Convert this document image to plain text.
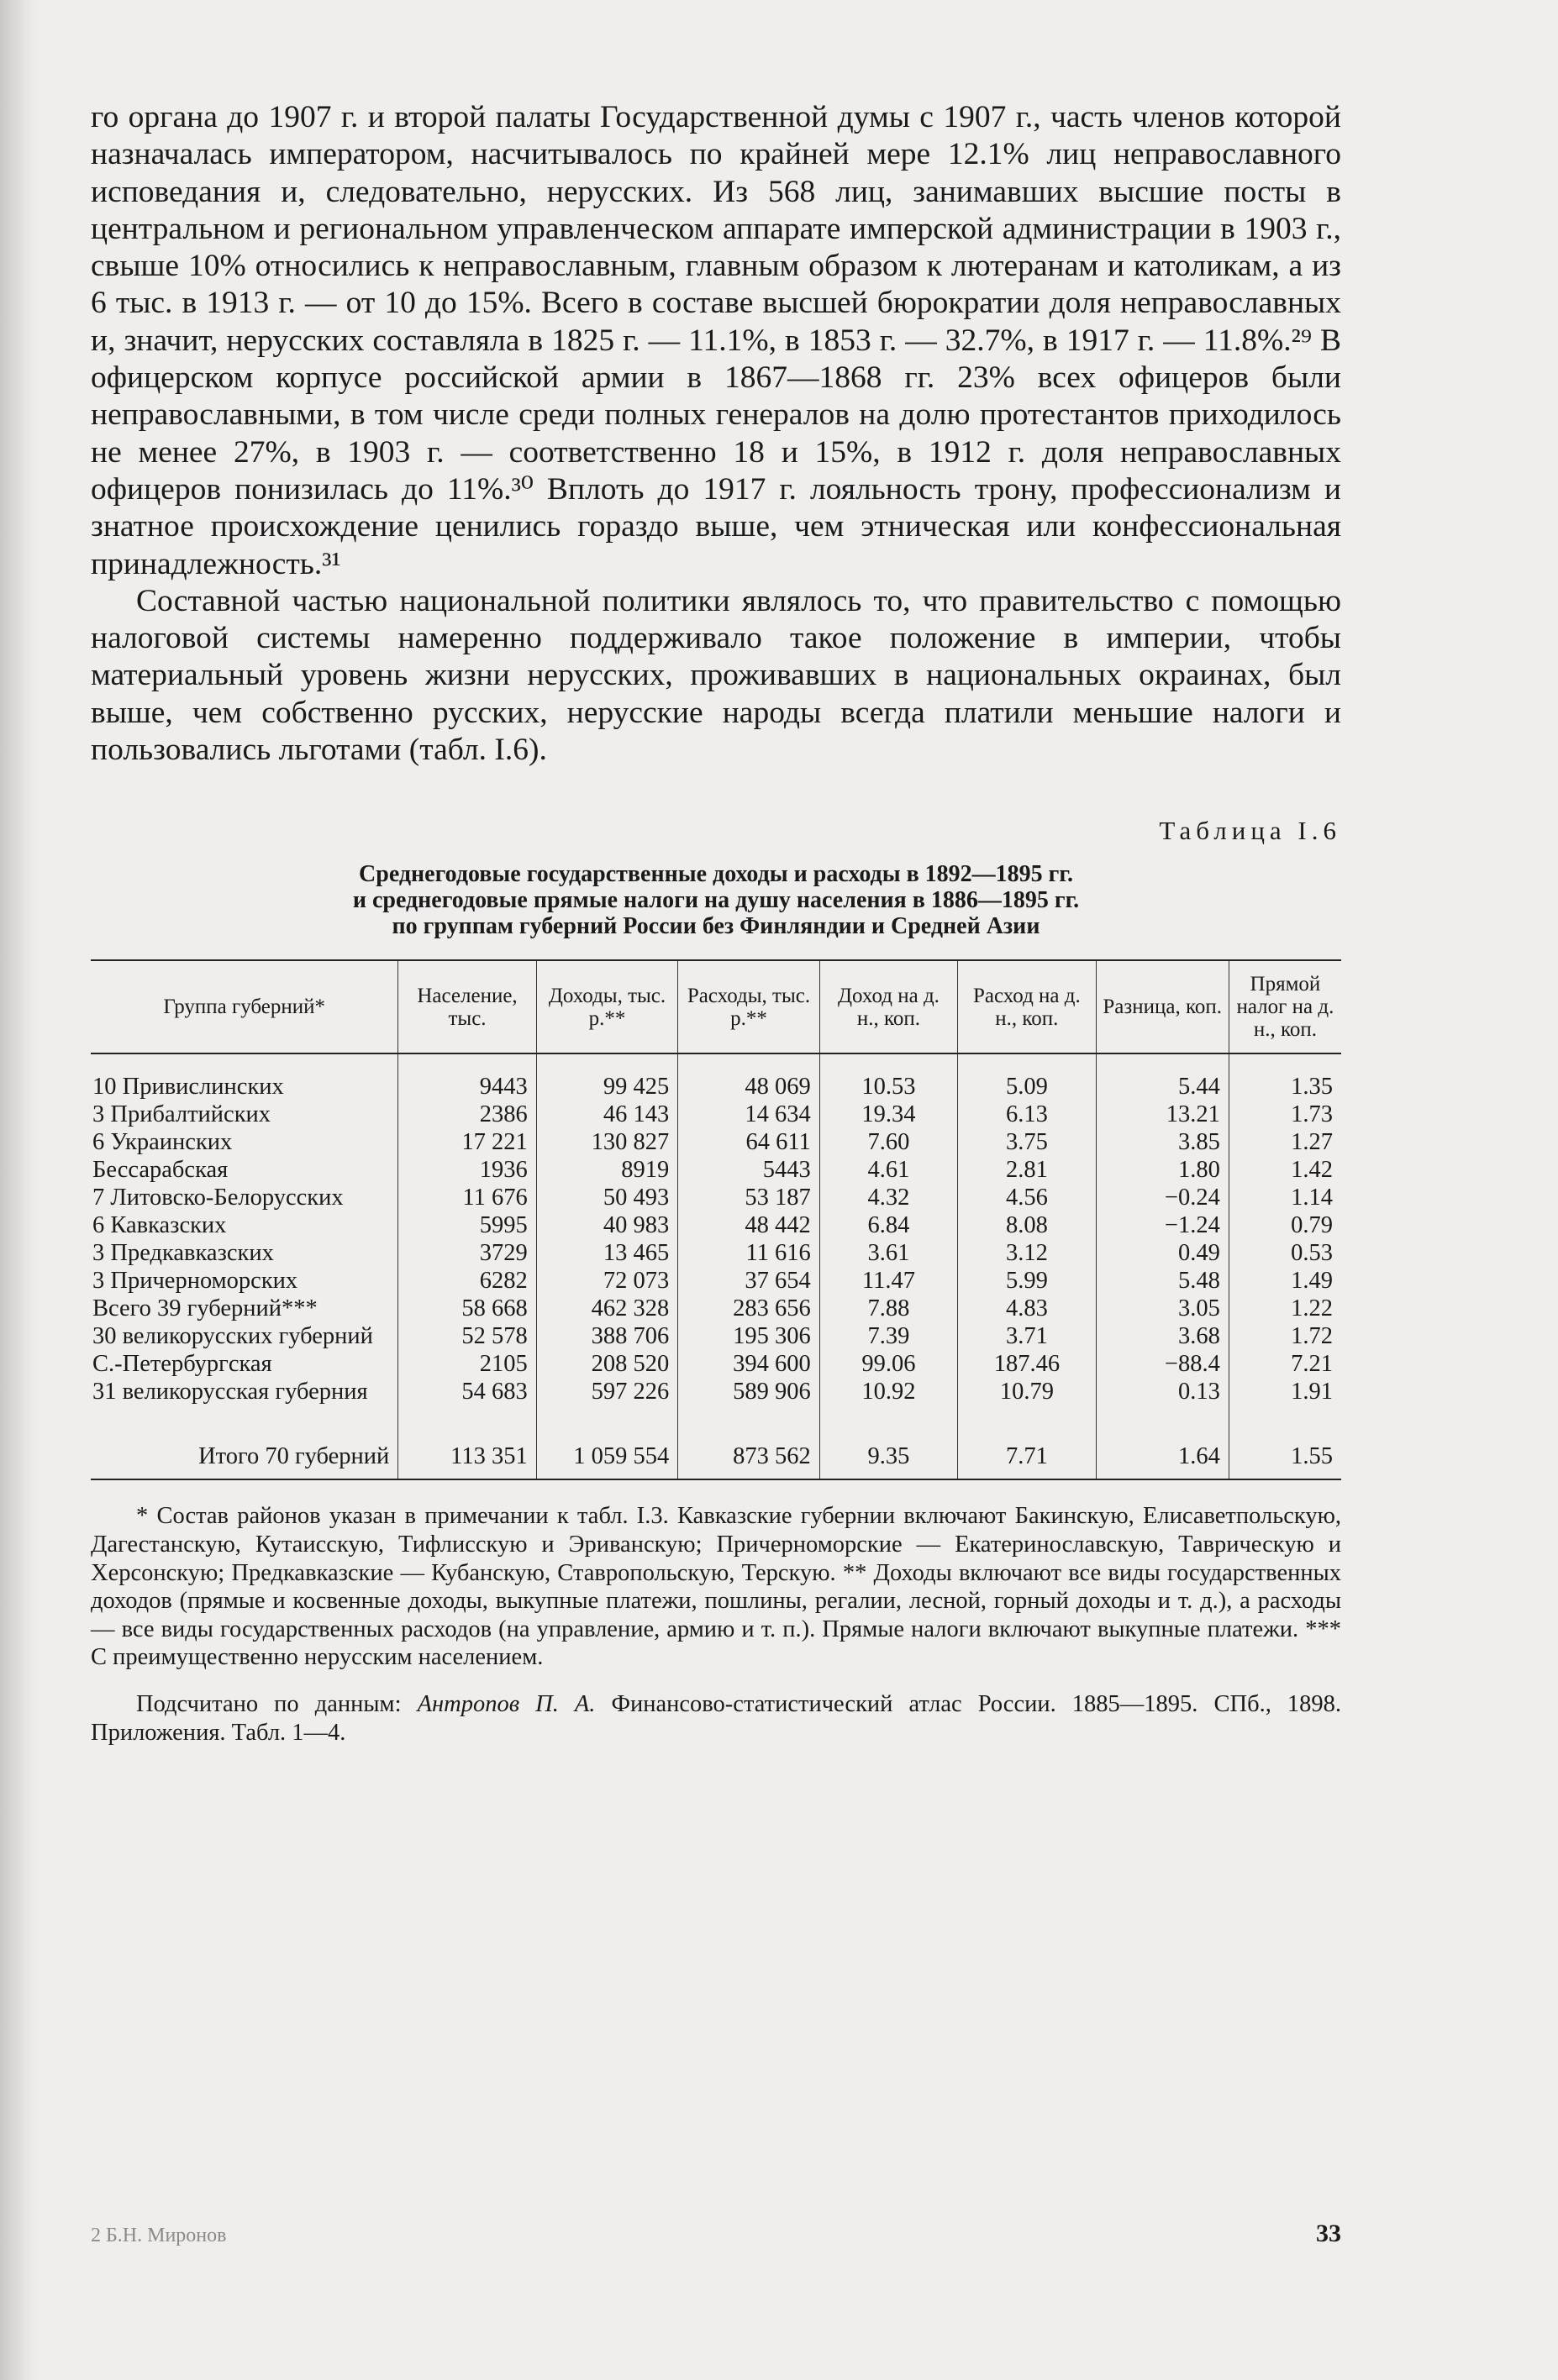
го органа до 1907 г. и второй палаты Государственной думы с 1907 г., часть членов которой назначалась императором, насчитывалось по крайней мере 12.1% лиц неправославного исповедания и, следовательно, нерусских. Из 568 лиц, занимавших высшие посты в центральном и региональном управленческом аппарате имперской администрации в 1903 г., свыше 10% относились к неправославным, главным образом к лютеранам и католикам, а из 6 тыс. в 1913 г. — от 10 до 15%. Всего в составе высшей бюрократии доля неправославных и, значит, нерусских составляла в 1825 г. — 11.1%, в 1853 г. — 32.7%, в 1917 г. — 11.8%.²⁹ В офицерском корпусе российской армии в 1867—1868 гг. 23% всех офицеров были неправославными, в том числе среди полных генералов на долю протестантов приходилось не менее 27%, в 1903 г. — соответственно 18 и 15%, в 1912 г. доля неправославных офицеров понизилась до 11%.³⁰ Вплоть до 1917 г. лояльность трону, профессионализм и знатное происхождение ценились гораздо выше, чем этническая или конфессиональная принадлежность.³¹

Составной частью национальной политики являлось то, что правительство с помощью налоговой системы намеренно поддерживало такое положение в империи, чтобы материальный уровень жизни нерусских, проживавших в национальных окраинах, был выше, чем собственно русских, нерусские народы всегда платили меньшие налоги и пользовались льготами (табл. I.6).

Таблица I.6
Среднегодовые государственные доходы и расходы в 1892—1895 гг.
и среднегодовые прямые налоги на душу населения в 1886—1895 гг.
по группам губерний России без Финляндии и Средней Азии
Группа губерний*	Население, тыс.	Доходы, тыс. р.**	Расходы, тыс. р.**	Доход на д. н., коп.	Расход на д. н., коп.	Разница, коп.	Прямой налог на д. н., коп.
10 Привислинских	9443	99 425	48 069	10.53	5.09	5.44	1.35
3 Прибалтийских	2386	46 143	14 634	19.34	6.13	13.21	1.73
6 Украинских	17 221	130 827	64 611	7.60	3.75	3.85	1.27
Бессарабская	1936	8919	5443	4.61	2.81	1.80	1.42
7 Литовско-Белорусских	11 676	50 493	53 187	4.32	4.56	−0.24	1.14
6 Кавказских	5995	40 983	48 442	6.84	8.08	−1.24	0.79
3 Предкавказских	3729	13 465	11 616	3.61	3.12	0.49	0.53
3 Причерноморских	6282	72 073	37 654	11.47	5.99	5.48	1.49
Всего 39 губерний***	58 668	462 328	283 656	7.88	4.83	3.05	1.22
30 великорусских губерний	52 578	388 706	195 306	7.39	3.71	3.68	1.72
С.-Петербургская	2105	208 520	394 600	99.06	187.46	−88.4	7.21
31 великорусская губерния	54 683	597 226	589 906	10.92	10.79	0.13	1.91
Итого 70 губерний	113 351	1 059 554	873 562	9.35	7.71	1.64	1.55

* Состав районов указан в примечании к табл. I.3. Кавказские губернии включают Бакинскую, Елисаветпольскую, Дагестанскую, Кутаисскую, Тифлисскую и Эриванскую; Причерноморские — Екатеринославскую, Таврическую и Херсонскую; Предкавказские — Кубанскую, Ставропольскую, Терскую. ** Доходы включают все виды государственных доходов (прямые и косвенные доходы, выкупные платежи, пошлины, регалии, лесной, горный доходы и т. д.), а расходы — все виды государственных расходов (на управление, армию и т. п.). Прямые налоги включают выкупные платежи. *** С преимущественно нерусским населением.

Подсчитано по данным: Антропов П. А. Финансово-статистический атлас России. 1885—1895. СПб., 1898. Приложения. Табл. 1—4.

2 Б.Н. Миронов	33
